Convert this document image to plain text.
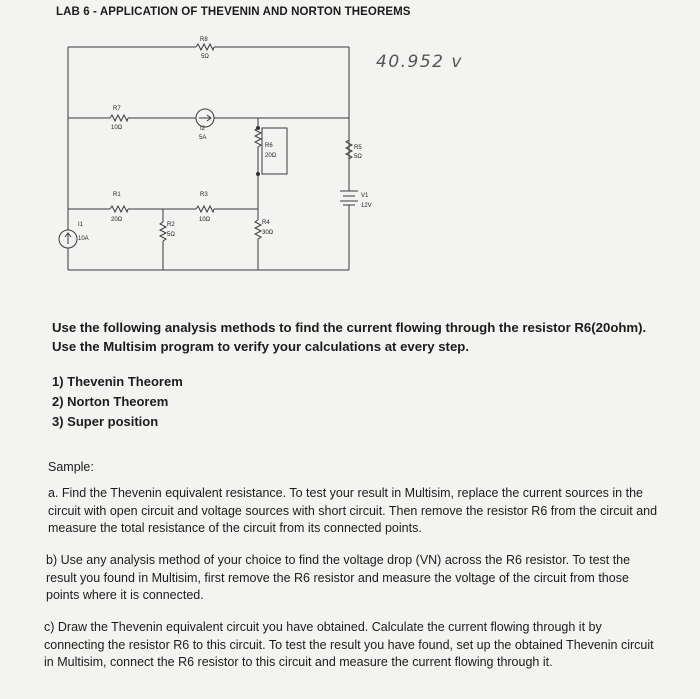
LAB 6 - APPLICATION OF THEVENIN AND NORTON THEOREMS
40.952 v
R8
5Ω
R7
10Ω	I2
5A
R6
20Ω
R5
5Ω
R1
20Ω
R3
10Ω
V1
12V
I1
10A
R2
5Ω
R4
30Ω
Use the following analysis methods to find the current flowing through the resistor R6(20ohm). Use the Multisim program to verify your calculations at every step.
1) Thevenin Theorem
2) Norton Theorem
3) Super position
Sample:
a. Find the Thevenin equivalent resistance. To test your result in Multisim, replace the current sources in the circuit with open circuit and voltage sources with short circuit. Then remove the resistor R6 from the circuit and measure the total resistance of the circuit from its connected points.
b) Use any analysis method of your choice to find the voltage drop (VN) across the R6 resistor. To test the result you found in Multisim, first remove the R6 resistor and measure the voltage of the circuit from those points where it is connected.
c) Draw the Thevenin equivalent circuit you have obtained. Calculate the current flowing through it by connecting the resistor R6 to this circuit. To test the result you have found, set up the obtained Thevenin circuit in Multisim, connect the R6 resistor to this circuit and measure the current flowing through it.
